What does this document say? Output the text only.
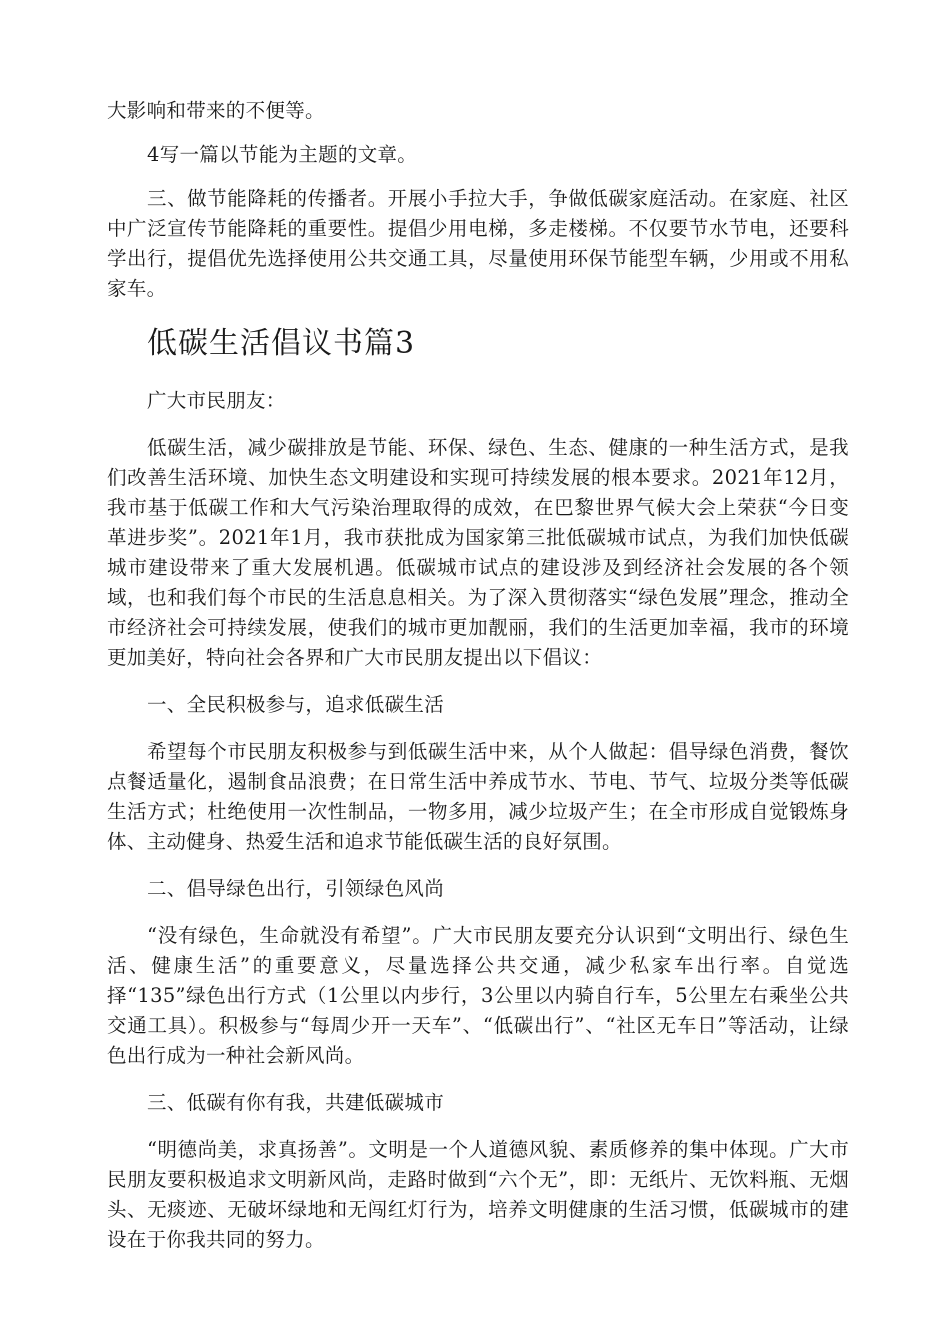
大影响和带来的不便等。

4写一篇以节能为主题的文章。

三、做节能降耗的传播者。开展小手拉大手，争做低碳家庭活动。在家庭、社区中广泛宣传节能降耗的重要性。提倡少用电梯，多走楼梯。不仅要节水节电，还要科学出行，提倡优先选择使用公共交通工具，尽量使用环保节能型车辆，少用或不用私家车。

低碳生活倡议书篇3

广大市民朋友：

低碳生活，减少碳排放是节能、环保、绿色、生态、健康的一种生活方式，是我们改善生活环境、加快生态文明建设和实现可持续发展的根本要求。2021年12月，我市基于低碳工作和大气污染治理取得的成效，在巴黎世界气候大会上荣获“今日变革进步奖”。2021年1月，我市获批成为国家第三批低碳城市试点，为我们加快低碳城市建设带来了重大发展机遇。低碳城市试点的建设涉及到经济社会发展的各个领域，也和我们每个市民的生活息息相关。为了深入贯彻落实“绿色发展”理念，推动全市经济社会可持续发展，使我们的城市更加靓丽，我们的生活更加幸福，我市的环境更加美好，特向社会各界和广大市民朋友提出以下倡议：

一、全民积极参与，追求低碳生活

希望每个市民朋友积极参与到低碳生活中来，从个人做起：倡导绿色消费，餐饮点餐适量化，遏制食品浪费；在日常生活中养成节水、节电、节气、垃圾分类等低碳生活方式；杜绝使用一次性制品，一物多用，减少垃圾产生；在全市形成自觉锻炼身体、主动健身、热爱生活和追求节能低碳生活的良好氛围。

二、倡导绿色出行，引领绿色风尚

“没有绿色，生命就没有希望”。广大市民朋友要充分认识到“文明出行、绿色生活、健康生活”的重要意义，尽量选择公共交通，减少私家车出行率。自觉选择“135”绿色出行方式（1公里以内步行，3公里以内骑自行车，5公里左右乘坐公共交通工具）。积极参与“每周少开一天车”、“低碳出行”、“社区无车日”等活动，让绿色出行成为一种社会新风尚。

三、低碳有你有我，共建低碳城市

“明德尚美，求真扬善”。文明是一个人道德风貌、素质修养的集中体现。广大市民朋友要积极追求文明新风尚，走路时做到“六个无”，即：无纸片、无饮料瓶、无烟头、无痰迹、无破坏绿地和无闯红灯行为，培养文明健康的生活习惯，低碳城市的建设在于你我共同的努力。
